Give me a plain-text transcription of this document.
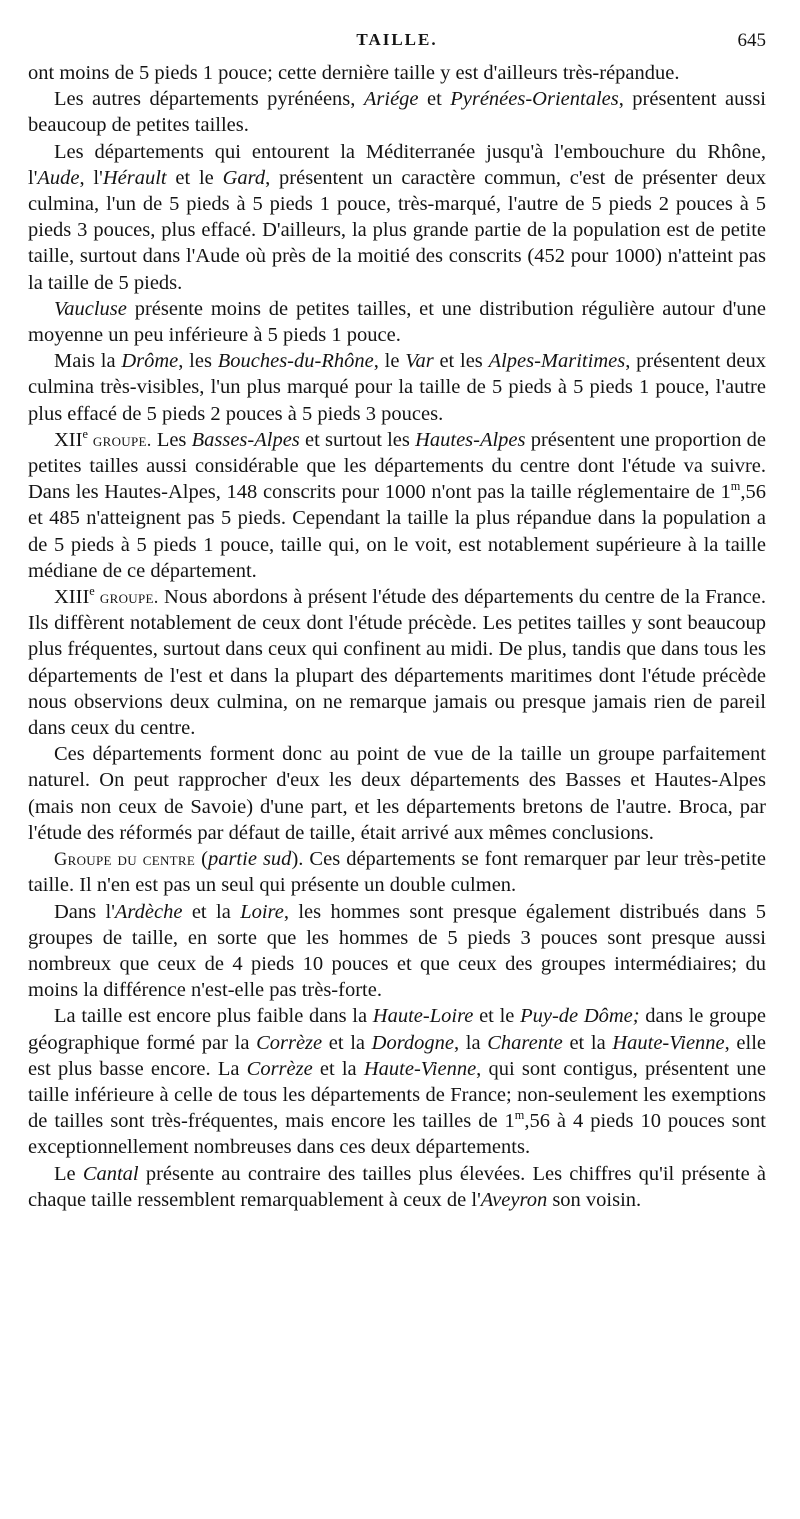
TAILLE.	645

ont moins de 5 pieds 1 pouce; cette dernière taille y est d'ailleurs très-répandue.

Les autres départements pyrénéens, Ariége et Pyrénées-Orientales, présentent aussi beaucoup de petites tailles.

Les départements qui entourent la Méditerranée jusqu'à l'embouchure du Rhône, l'Aude, l'Hérault et le Gard, présentent un caractère commun, c'est de présenter deux culmina, l'un de 5 pieds à 5 pieds 1 pouce, très-marqué, l'autre de 5 pieds 2 pouces à 5 pieds 3 pouces, plus effacé. D'ailleurs, la plus grande partie de la population est de petite taille, surtout dans l'Aude où près de la moitié des conscrits (452 pour 1000) n'atteint pas la taille de 5 pieds.

Vaucluse présente moins de petites tailles, et une distribution régulière autour d'une moyenne un peu inférieure à 5 pieds 1 pouce.

Mais la Drôme, les Bouches-du-Rhône, le Var et les Alpes-Maritimes, présentent deux culmina très-visibles, l'un plus marqué pour la taille de 5 pieds à 5 pieds 1 pouce, l'autre plus effacé de 5 pieds 2 pouces à 5 pieds 3 pouces.

XIIe groupe. Les Basses-Alpes et surtout les Hautes-Alpes présentent une proportion de petites tailles aussi considérable que les départements du centre dont l'étude va suivre. Dans les Hautes-Alpes, 148 conscrits pour 1000 n'ont pas la taille réglementaire de 1$^m$,56 et 485 n'atteignent pas 5 pieds. Cependant la taille la plus répandue dans la population a de 5 pieds à 5 pieds 1 pouce, taille qui, on le voit, est notablement supérieure à la taille médiane de ce département.

XIIIe groupe. Nous abordons à présent l'étude des départements du centre de la France. Ils diffèrent notablement de ceux dont l'étude précède. Les petites tailles y sont beaucoup plus fréquentes, surtout dans ceux qui confinent au midi. De plus, tandis que dans tous les départements de l'est et dans la plupart des départements maritimes dont l'étude précède nous observions deux culmina, on ne remarque jamais ou presque jamais rien de pareil dans ceux du centre.

Ces départements forment donc au point de vue de la taille un groupe parfaitement naturel. On peut rapprocher d'eux les deux départements des Basses et Hautes-Alpes (mais non ceux de Savoie) d'une part, et les départements bretons de l'autre. Broca, par l'étude des réformés par défaut de taille, était arrivé aux mêmes conclusions.

Groupe du centre (partie sud). Ces départements se font remarquer par leur très-petite taille. Il n'en est pas un seul qui présente un double culmen.

Dans l'Ardèche et la Loire, les hommes sont presque également distribués dans 5 groupes de taille, en sorte que les hommes de 5 pieds 3 pouces sont presque aussi nombreux que ceux de 4 pieds 10 pouces et que ceux des groupes intermédiaires; du moins la différence n'est-elle pas très-forte.

La taille est encore plus faible dans la Haute-Loire et le Puy-de Dôme; dans le groupe géographique formé par la Corrèze et la Dordogne, la Charente et la Haute-Vienne, elle est plus basse encore. La Corrèze et la Haute-Vienne, qui sont contigus, présentent une taille inférieure à celle de tous les départements de France; non-seulement les exemptions de tailles sont très-fréquentes, mais encore les tailles de 1$^m$,56 à 4 pieds 10 pouces sont exceptionnellement nombreuses dans ces deux départements.

Le Cantal présente au contraire des tailles plus élevées. Les chiffres qu'il présente à chaque taille ressemblent remarquablement à ceux de l'Aveyron son voisin.
